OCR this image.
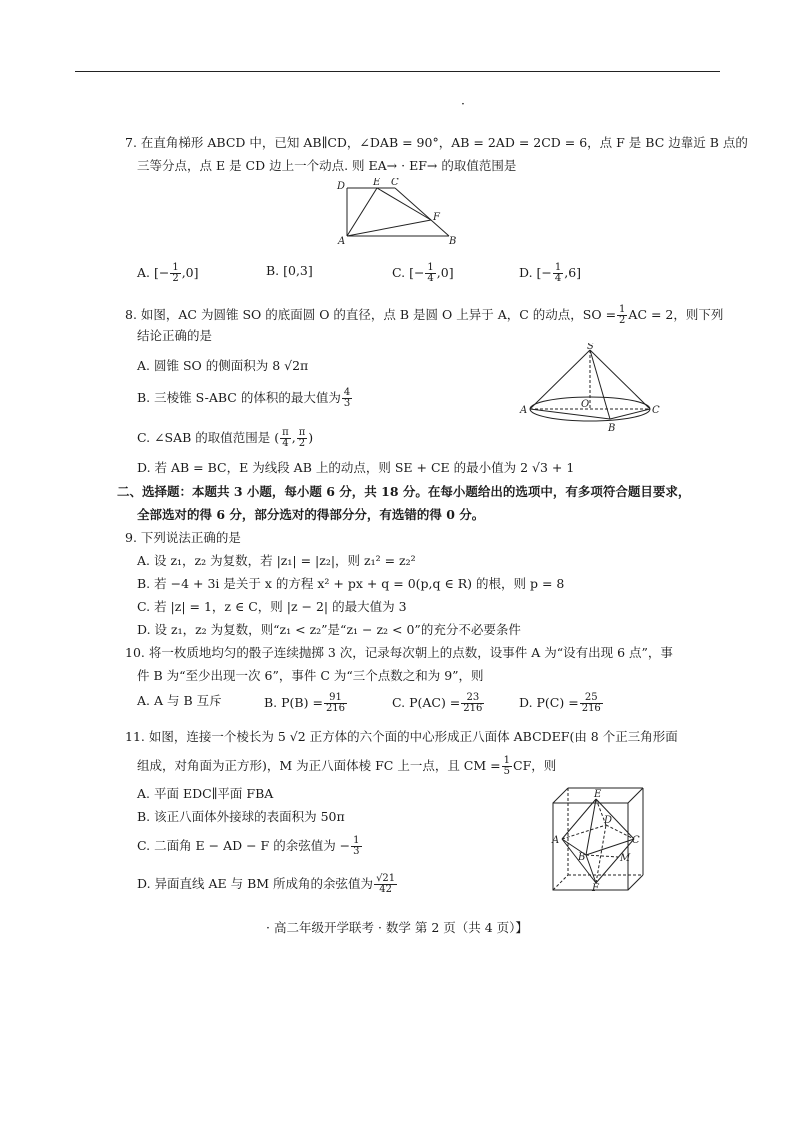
·
7. 在直角梯形 ABCD 中，已知 AB∥CD，∠DAB = 90°，AB = 2AD = 2CD = 6，点 F 是 BC 边靠近 B 点的
三等分点，点 E 是 CD 边上一个动点. 则 EA→ · EF→ 的取值范围是
D	E C
F
A	B
A. [− $\frac{1}{2} ,0$]	B. [0,3]	C. [− $\frac{1}{4} ,0$]	D. [− $\frac{1}{4} ,6$]
8. 如图，AC 为圆锥 SO 的底面圆 O 的直径，点 B 是圆 O 上异于 A，C 的动点，SO = $\frac{1}{2}$ AC = 2，则下列
结论正确的是
A. 圆锥 SO 的侧面积为 8 √2π
B. 三棱锥 S-ABC 的体积的最大值为 $\frac{4}{3}$
C. ∠SAB 的取值范围是 ( $\frac{\pi}{4}$ , $\frac{\pi}{2}$ )
D. 若 AB = BC，E 为线段 AB 上的动点，则 SE + CE 的最小值为 2 √3 + 1
S
A
O
C
B
二、选择题：本题共 3 小题，每小题 6 分，共 18 分。在每小题给出的选项中，有多项符合题目要求，
全部选对的得 6 分，部分选对的得部分分，有选错的得 0 分。
9. 下列说法正确的是
A. 设 z₁，z₂ 为复数，若 |z₁| = |z₂|，则 z₁² = z₂²
B. 若 −4 + 3i 是关于 x 的方程 x² + px + q = 0(p,q ∈ R) 的根，则 p = 8
C. 若 |z| = 1，z ∈ C，则 |z − 2| 的最大值为 3
D. 设 z₁，z₂ 为复数，则“z₁ < z₂”是“z₁ − z₂ < 0”的充分不必要条件
10. 将一枚质地均匀的骰子连续抛掷 3 次，记录每次朝上的点数，设事件 A 为“设有出现 6 点”，事
件 B 为“至少出现一次 6”，事件 C 为“三个点数之和为 9”，则
A. A 与 B 互斥	B. $P(B) = \frac{91}{216}$	C. $P(AC) = \frac{23}{216}$	D. $P(C) = \frac{25}{216}$
11. 如图，连接一个棱长为 5 √2 正方体的六个面的中心形成正八面体 ABCDEF(由 8 个正三角形面
组成，对角面为正方形)，M 为正八面体棱 FC 上一点，且 CM = $\frac{1}{5}$ CF，则
A. 平面 EDC∥平面 FBA
B. 该正八面体外接球的表面积为 50π
C. 二面角 E − AD − F 的余弦值为 − $\frac{1}{3}$
D. 异面直线 AE 与 BM 所成角的余弦值为 $\frac{√21}{42}$
E
D
A	C
B	M
F
· 高二年级开学联考 · 数学 第 2 页（共 4 页）】
